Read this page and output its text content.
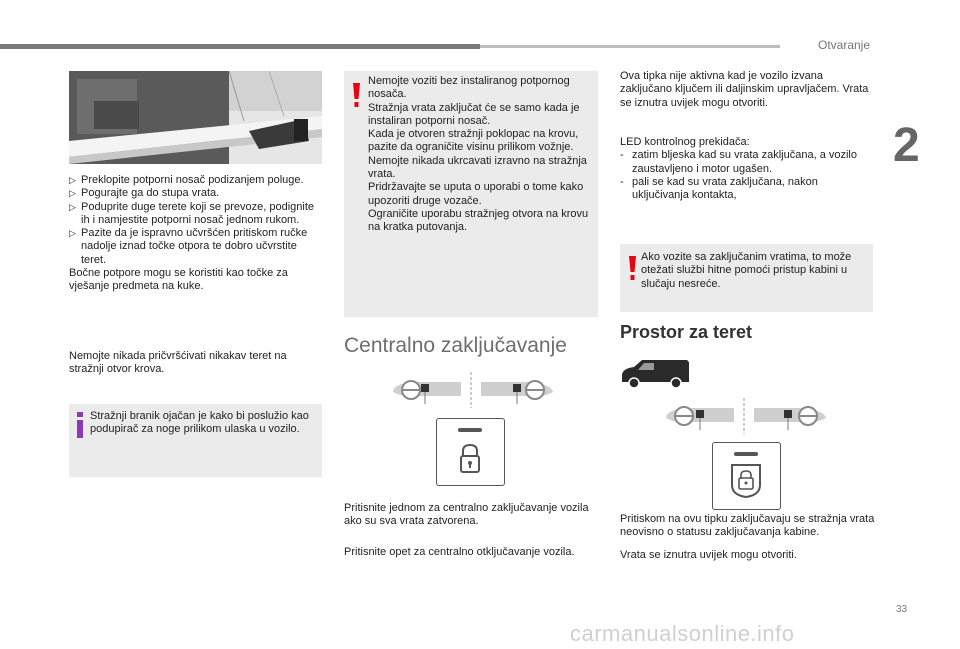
Otvaranje
2

▷ Preklopite potporni nosač podizanjem poluge.

▷ Pogurajte ga do stupa vrata.

▷ Poduprite duge terete koji se prevoze, podignite ih i namjestite potporni nosač jednom rukom.

▷ Pazite da je ispravno učvršćen pritiskom ručke nadolje iznad točke otpora te dobro učvrstite teret.

Bočne potpore mogu se koristiti kao točke za vješanje predmeta na kuke.

Nemojte nikada pričvršćivati nikakav teret na stražnji otvor krova.
Stražnji branik ojačan je kako bi poslužio kao podupirač za noge prilikom ulaska u vozilo.

Nemojte voziti bez instaliranog potpornog nosača.

Stražnja vrata zaključat će se samo kada je instaliran potporni nosač.

Kada je otvoren stražnji poklopac na krovu, pazite da ograničite visinu prilikom vožnje.

Nemojte nikada ukrcavati izravno na stražnja vrata.

Pridržavajte se uputa o uporabi o tome kako upozoriti druge vozače.

Ograničite uporabu stražnjeg otvora na krovu na kratka putovanja.

Centralno zaključavanje
Pritisnite jednom za centralno zaključavanje vozila ako su sva vrata zatvorena.
Pritisnite opet za centralno otključavanje vozila.
Ova tipka nije aktivna kad je vozilo izvana zaključano ključem ili daljinskim upravljačem. Vrata se iznutra uvijek mogu otvoriti.

LED kontrolnog prekidača:

- zatim bljeska kad su vrata zaključana, a vozilo zaustavljeno i motor ugašen.

- pali se kad su vrata zaključana, nakon uključivanja kontakta,

Ako vozite sa zaključanim vratima, to može otežati službi hitne pomoći pristup kabini u slučaju nesreće.
Prostor za teret
Pritiskom na ovu tipku zaključavaju se stražnja vrata neovisno o statusu zaključavanja kabine.
Vrata se iznutra uvijek mogu otvoriti.
33
carmanualsonline.info
